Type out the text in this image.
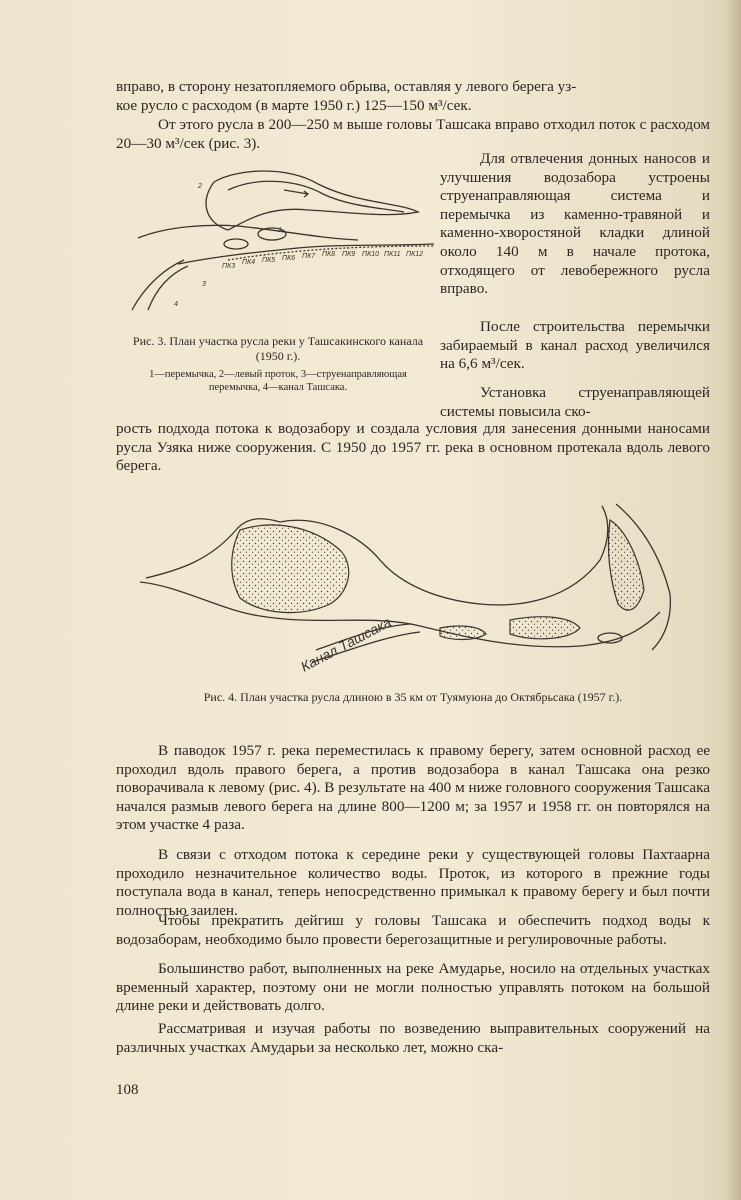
вправо, в сторону незатопляемого обрыва, оставляя у левого берега уз-
кое русло с расходом (в марте 1950 г.) 125—150 м³/сек.
От этого русла в 200—250 м выше головы Ташсака вправо отходил поток с расходом 20—30 м³/сек (рис. 3).
2
1
3
4
ПК3
ПК4 ПК5 ПК6 ПК7 ПК8 ПК9 ПК10 ПК11 ПК12
Рис. 3. План участка русла реки у Ташсакинского канала (1950 г.).
1—перемычка, 2—левый проток, 3—струенаправляющая перемычка, 4—канал Ташсака.
Для отвлечения донных наносов и улучшения водозабора устроены струенаправляющая система и перемычка из каменно-травяной и каменно-хворостяной кладки длиной около 140 м в начале протока, отходящего от левобережного русла вправо.
После строительства перемычки забираемый в канал расход увеличился на 6,6 м³/сек.
Установка струенаправляющей системы повысила ско-
рость подхода потока к водозабору и создала условия для занесения донными наносами русла Узяка ниже сооружения. С 1950 до 1957 гг. река в основном протекала вдоль левого берега.
Канал Ташсака
Рис. 4. План участка русла длиною в 35 км от Туямуюна до Октябрьсака (1957 г.).
В паводок 1957 г. река переместилась к правому берегу, затем основной расход ее проходил вдоль правого берега, а против водозабора в канал Ташсака она резко поворачивала к левому (рис. 4). В результате на 400 м ниже головного сооружения Ташсака начался размыв левого берега на длине 800—1200 м; за 1957 и 1958 гг. он повторялся на этом участке 4 раза.
В связи с отходом потока к середине реки у существующей головы Пахтаарна проходило незначительное количество воды. Проток, из которого в прежние годы поступала вода в канал, теперь непосредственно примыкал к правому берегу и был почти полностью заилен.
Чтобы прекратить дейгиш у головы Ташсака и обеспечить подход воды к водозаборам, необходимо было провести берегозащитные и регулировочные работы.
Большинство работ, выполненных на реке Амударье, носило на отдельных участках временный характер, поэтому они не могли полностью управлять потоком на большой длине реки и действовать долго.
Рассматривая и изучая работы по возведению выправительных сооружений на различных участках Амударьи за несколько лет, можно ска-
108
